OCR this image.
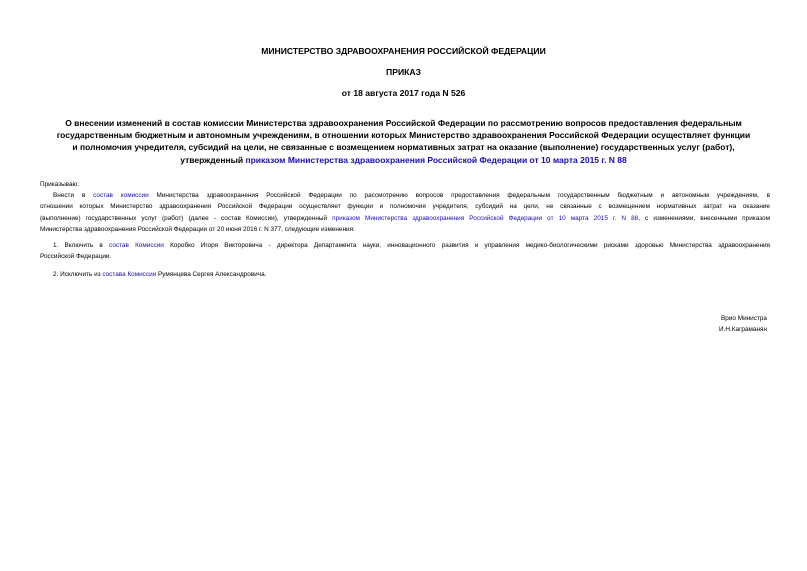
МИНИСТЕРСТВО ЗДРАВООХРАНЕНИЯ РОССИЙСКОЙ ФЕДЕРАЦИИ
ПРИКАЗ
от 18 августа 2017 года N 526
О внесении изменений в состав комиссии Министерства здравоохранения Российской Федерации по рассмотрению вопросов предоставления федеральным
государственным бюджетным и автономным учреждениям, в отношении которых Министерство здравоохранения Российской Федерации осуществляет функции
и полномочия учредителя, субсидий на цели, не связанные с возмещением нормативных затрат на оказание (выполнение) государственных услуг (работ),
утвержденный приказом Министерства здравоохранения Российской Федерации от 10 марта 2015 г. N 88
Приказываю:
Внести в состав комиссии Министерства здравоохранения Российской Федерации по рассмотрению вопросов предоставления федеральным государственным бюджетным и автономным учреждениям, в
отношении которых Министерство здравоохранения Российской Федерации осуществляет функции и полномочия учредителя, субсидий на цели, не связанные с возмещением нормативных затрат на оказание
(выполнение) государственных услуг (работ) (далее - состав Комиссии), утвержденный приказом Министерства здравоохранения Российской Федерации от 10 марта 2015 г. N 88, с изменениями, внесенными приказом
Министерства здравоохранения Российской Федерации от 20 июня 2016 г. N 377, следующие изменения:
1. Включить в состав Комиссии Коробко Игоря Викторовича - директора Департамента науки, инновационного развития и управления медико-биологическими рисками здоровью Министерства здравоохранения
Российской Федерации.
2. Исключить из состава Комиссии Румянцева Сергея Александровича.
Врио Министра
И.Н.Каграманян
